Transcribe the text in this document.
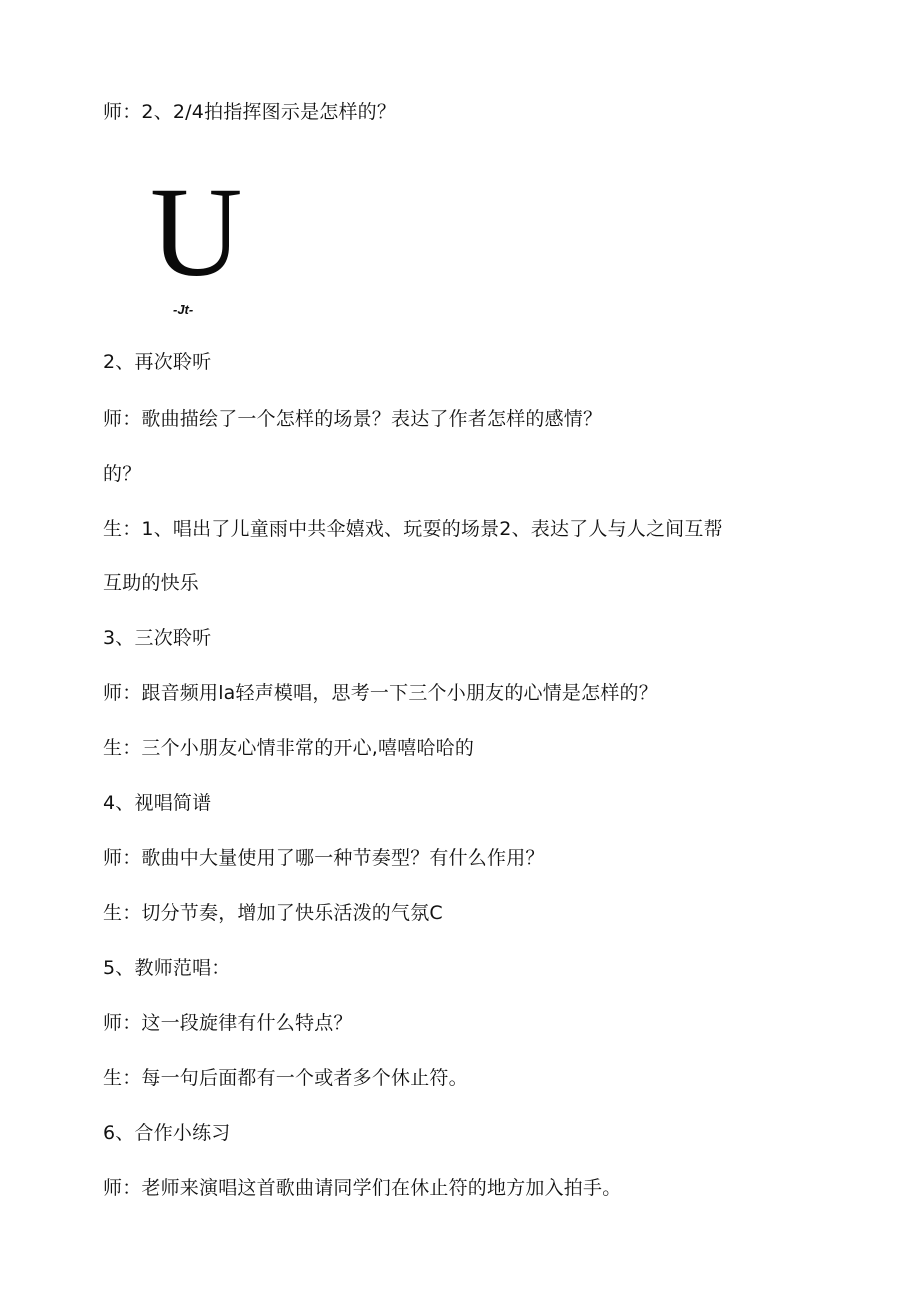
师：2、2/4拍指挥图示是怎样的？
U
-Jt-
2、再次聆听
师：歌曲描绘了一个怎样的场景？表达了作者怎样的感情？
的？
生：1、唱出了儿童雨中共伞嬉戏、玩耍的场景2、表达了人与人之间互帮
互助的快乐
3、三次聆听
师：跟音频用la轻声模唱，思考一下三个小朋友的心情是怎样的？
生：三个小朋友心情非常的开心,嘻嘻哈哈的
4、视唱简谱
师：歌曲中大量使用了哪一种节奏型？有什么作用？
生：切分节奏，增加了快乐活泼的气氛C
5、教师范唱：
师：这一段旋律有什么特点？
生：每一句后面都有一个或者多个休止符。
6、合作小练习
师：老师来演唱这首歌曲请同学们在休止符的地方加入拍手。
